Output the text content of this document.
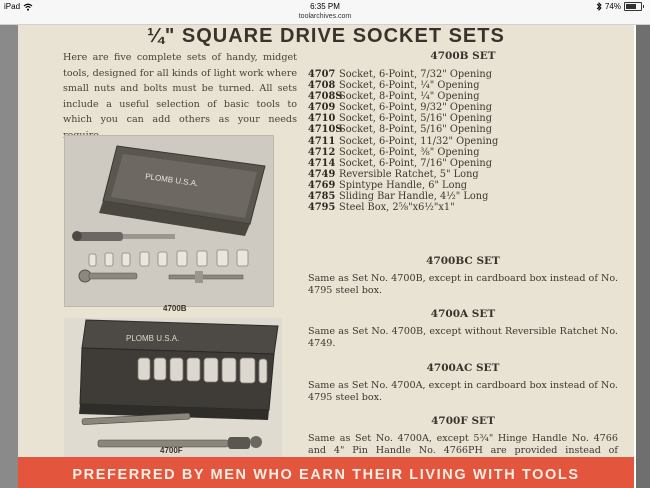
iPad	6:35 PM
toolarchives.com
74%
¼" SQUARE DRIVE SOCKET SETS
Here are five complete sets of handy, midget tools, designed for all kinds of light work where small nuts and bolts must be turned. All sets include a useful selection of basic tools to which you can add others as your needs
PLOMB U.S.A.
4700B
PLOMB U.S.A.
4700F
4700B SET
4707 Socket, 6-Point, 7/32" Opening
4708 Socket, 6-Point, ¼" Opening
4708S
Socket, 8-Point, ¼" Opening
4709 Socket, 6-Point, 9/32" Opening
4710 Socket, 6-Point, 5/16" Opening
4710S
Socket, 8-Point, 5/16" Opening
4711 Socket, 6-Point, 11/32" Opening
4712 Socket, 6-Point, ⅜" Opening
4714 Socket, 6-Point, 7/16" Opening
4749 Reversible Ratchet, 5" Long
4769 Spintype Handle, 6" Long
4785 Sliding Bar Handle, 4½" Long
4795 Steel Box, 2⅝"x6½"x1"
4700BC SET
Same as Set No. 4700B, except in cardboard box instead of No. 4795 steel box.
4700A SET
Same as Set No. 4700B, except without Reversible Ratchet No. 4749.
4700AC SET
Same as Set No. 4700A, except in cardboard box instead of No. 4795 steel box.
4700F SET
Same as Set No. 4700A, except 5¾" Hinge Handle No. 4766 and 4" Pin Handle No. 4766PH are provided instead of
PREFERRED BY MEN WHO EARN THEIR LIVING WITH TOOLS
